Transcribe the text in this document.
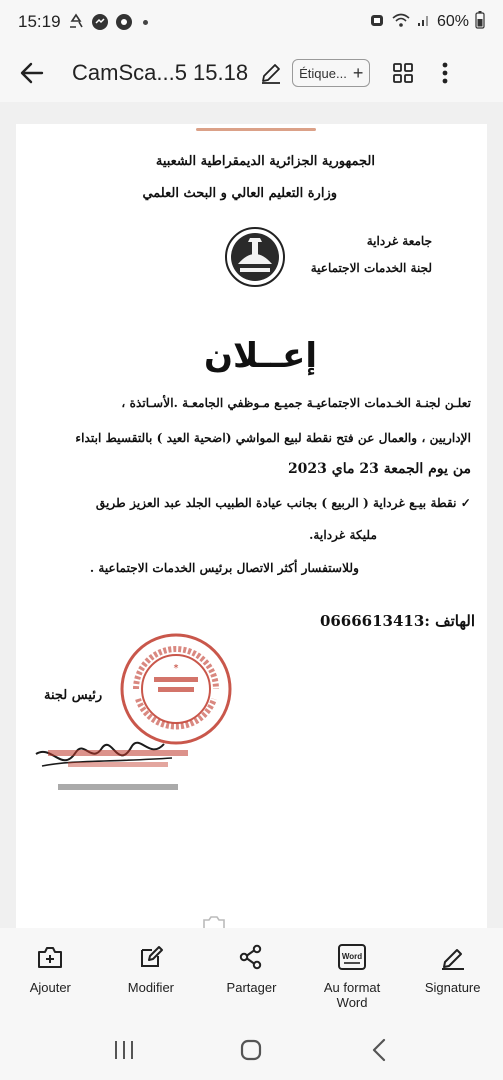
15:19	60%
CamSca...5 15.18	Étique... +
الجمهورية الجزائرية الديمقراطية الشعبية
وزارة التعليم العالي و البحث العلمي
جامعة غرداية
لجنة الخدمات الاجتماعية
إعــلان
تعلـن لجنـة الخـدمات الاجتماعيـة جميـع مـوظفي الجامعـة .الأسـاتذة ،
الإداريين ، والعمال عن فتح نقطة لبيع المواشي (اضحية العيد ) بالتقسيط ابتداء
من يوم الجمعة 23 ماي 2023
✓ نقطة بيـع غرداية ( الربيع ) بجانب عيادة الطبيب الجلد عبد العزيز طريق
مليكة غرداية.
وللاستفسار أكثر الاتصال برئيس الخدمات الاجتماعية .
الهاتف :0666613413
*
رئيس لجنة
Ajouter	Modifier	Partager
Word
Au format Word
Signature
